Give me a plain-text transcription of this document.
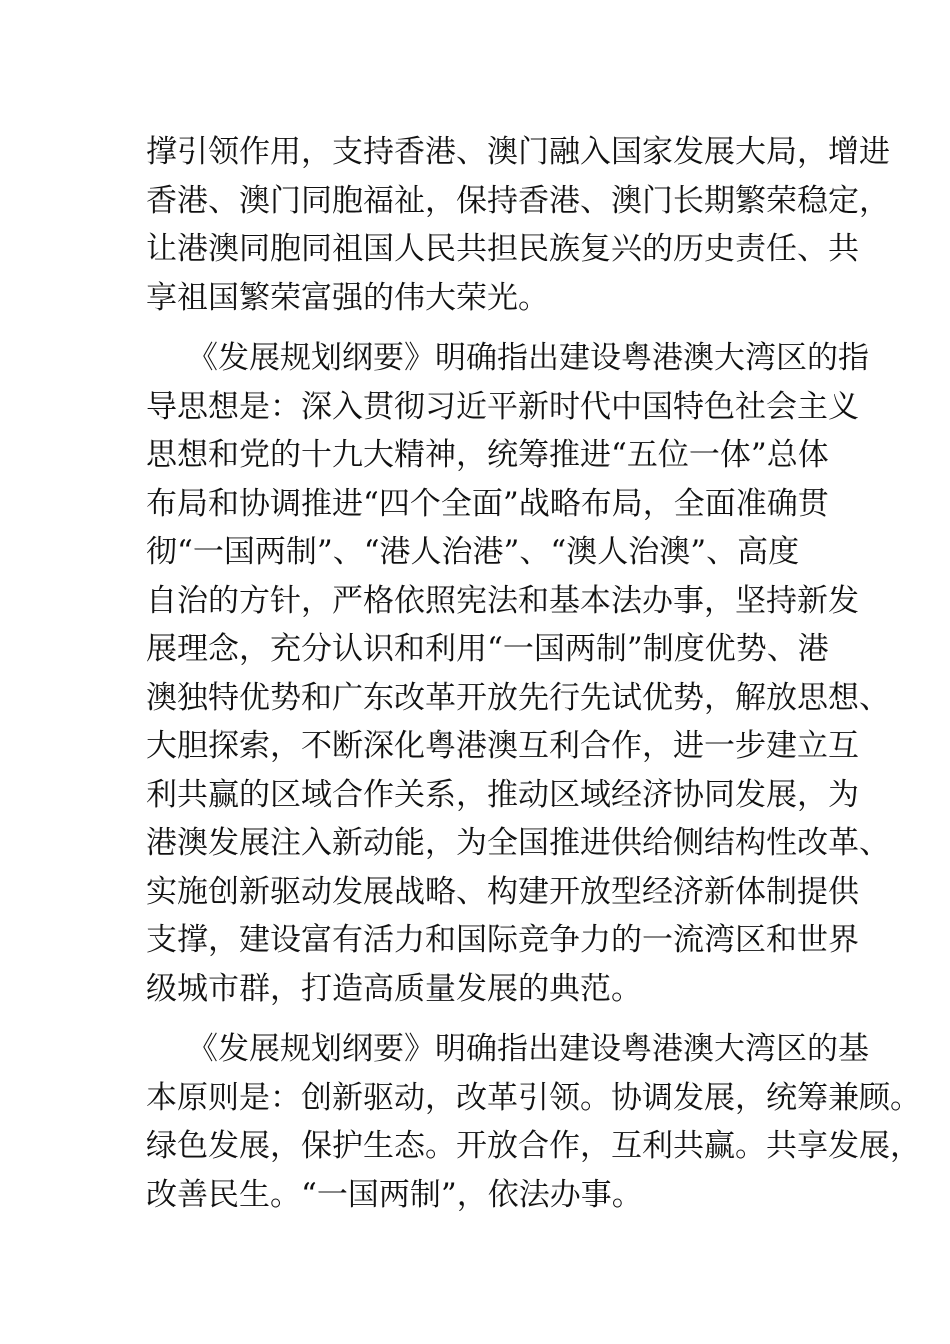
撑引领作用，支持香港、澳门融入国家发展大局，增进
香港、澳门同胞福祉，保持香港、澳门长期繁荣稳定，
让港澳同胞同祖国人民共担民族复兴的历史责任、共
享祖国繁荣富强的伟大荣光。

《发展规划纲要》明确指出建设粤港澳大湾区的指
导思想是：深入贯彻习近平新时代中国特色社会主义
思想和党的十九大精神，统筹推进“五位一体”总体
布局和协调推进“四个全面”战略布局，全面准确贯
彻“一国两制”、“港人治港”、“澳人治澳”、高度
自治的方针，严格依照宪法和基本法办事，坚持新发
展理念，充分认识和利用“一国两制”制度优势、港
澳独特优势和广东改革开放先行先试优势，解放思想、
大胆探索，不断深化粤港澳互利合作，进一步建立互
利共赢的区域合作关系，推动区域经济协同发展，为
港澳发展注入新动能，为全国推进供给侧结构性改革、
实施创新驱动发展战略、构建开放型经济新体制提供
支撑，建设富有活力和国际竞争力的一流湾区和世界
级城市群，打造高质量发展的典范。

《发展规划纲要》明确指出建设粤港澳大湾区的基
本原则是：创新驱动，改革引领。协调发展，统筹兼顾。
绿色发展，保护生态。开放合作，互利共赢。共享发展，
改善民生。“一国两制”，依法办事。
